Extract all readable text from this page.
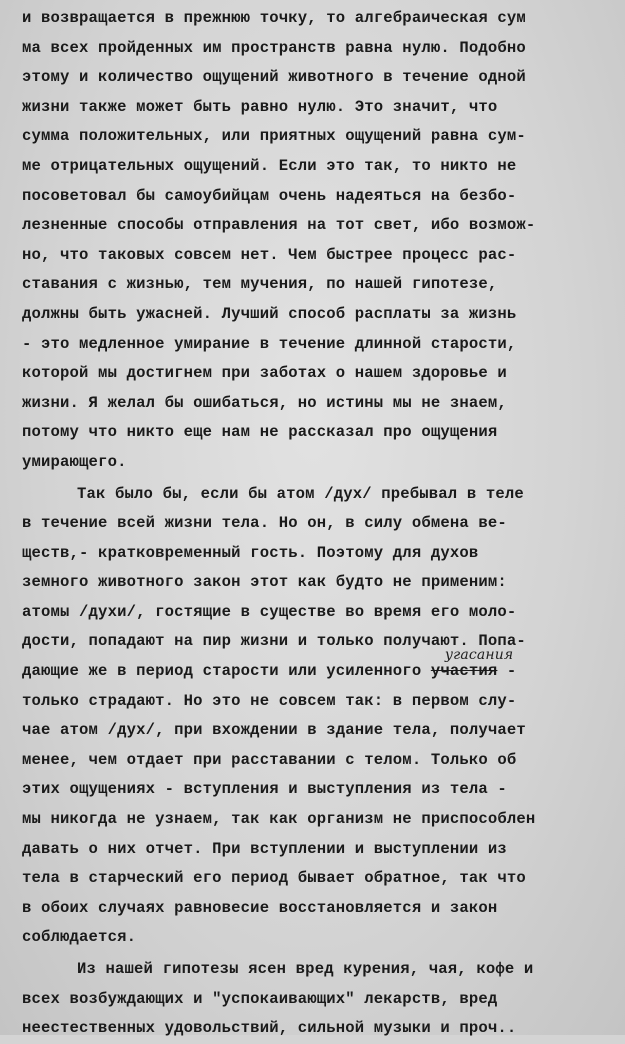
и возвращается в прежнюю точку, то алгебраическая сум
ма всех пройденных им пространств равна нулю. Подобно
этому и количество ощущений животного в течение одной
жизни также может быть равно нулю. Это значит, что
сумма положительных, или приятных ощущений равна сум-
ме отрицательных ощущений. Если это так, то никто не
посоветовал бы самоубийцам очень надеяться на безбо-
лезненные способы отправления на тот свет, ибо возмож-
но, что таковых совсем нет. Чем быстрее процесс рас-
ставания с жизнью, тем мучения, по нашей гипотезе,
должны быть ужасней. Лучший способ расплаты за жизнь
- это медленное умирание в течение длинной старости,
которой мы достигнем при заботах о нашем здоровье и
жизни. Я желал бы ошибаться, но истины мы не знаем,
потому что никто еще нам не рассказал про ощущения
умирающего.
Так было бы, если бы атом /дух/ пребывал в теле
в течение всей жизни тела. Но он, в силу обмена ве-
ществ,- кратковременный гость. Поэтому для духов
земного животного закон этот как будто не применим:
атомы /духи/, гостящие в существе во время его моло-
дости, попадают на пир жизни и только получают. Попа-
дающие же в период старости или усиленного участия
угасания
-
только страдают. Но это не совсем так: в первом слу-
чае атом /дух/, при вхождении в здание тела, получает
менее, чем отдает при расставании с телом. Только об
этих ощущениях - вступления и выступления из тела -
мы никогда не узнаем, так как организм не приспособлен
давать о них отчет. При вступлении и выступлении из
тела в старческий его период бывает обратное, так что
в обоих случаях равновесие восстановляется и закон
соблюдается.
Из нашей гипотезы ясен вред курения, чая, кофе и
всех возбуждающих и "успокаивающих" лекарств, вред
неестественных удовольствий, сильной музыки и проч..
